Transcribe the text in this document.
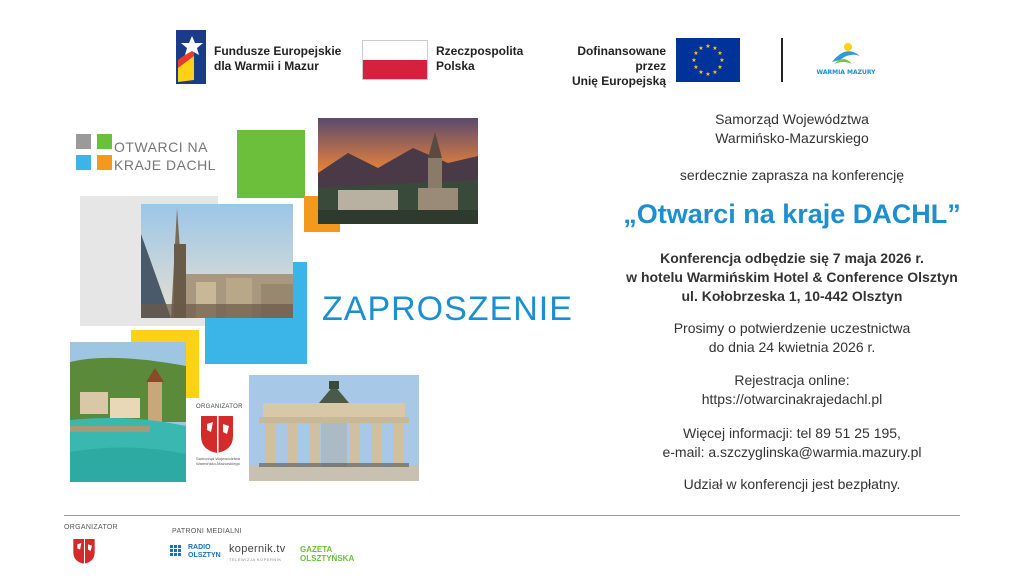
Fundusze Europejskie
dla Warmii i Mazur
Rzeczpospolita
Polska
Dofinansowane przez
Unię Europejską
★ ★
★
★
★
★
★
★
★
★
★
★
WARMIA MAZURY
OTWARCI NA
KRAJE DACHL
ZAPROSZENIE
ORGANIZATOR
Samorząd Województwa Warmińsko-Mazurskiego
Samorząd Województwa
Warmińsko-Mazurskiego
serdecznie zaprasza na konferencję
„Otwarci na kraje DACHL”
Konferencja odbędzie się 7 maja 2026 r.
w hotelu Warmińskim Hotel & Conference Olsztyn
ul. Kołobrzeska 1, 10-442 Olsztyn
Prosimy o potwierdzenie uczestnictwa
do dnia 24 kwietnia 2026 r.
Rejestracja online:
https://otwarcinakrajedachl.pl
Więcej informacji: tel 89 51 25 195,
e-mail: a.szczyglinska@warmia.mazury.pl
Udział w konferencji jest bezpłatny.
ORGANIZATOR
PATRONI MEDIALNI
RADIO
OLSZTYN
kopernik.tv
TELEWIZJA KOPERNIK
GAZETA
OLSZTYŃSKA
